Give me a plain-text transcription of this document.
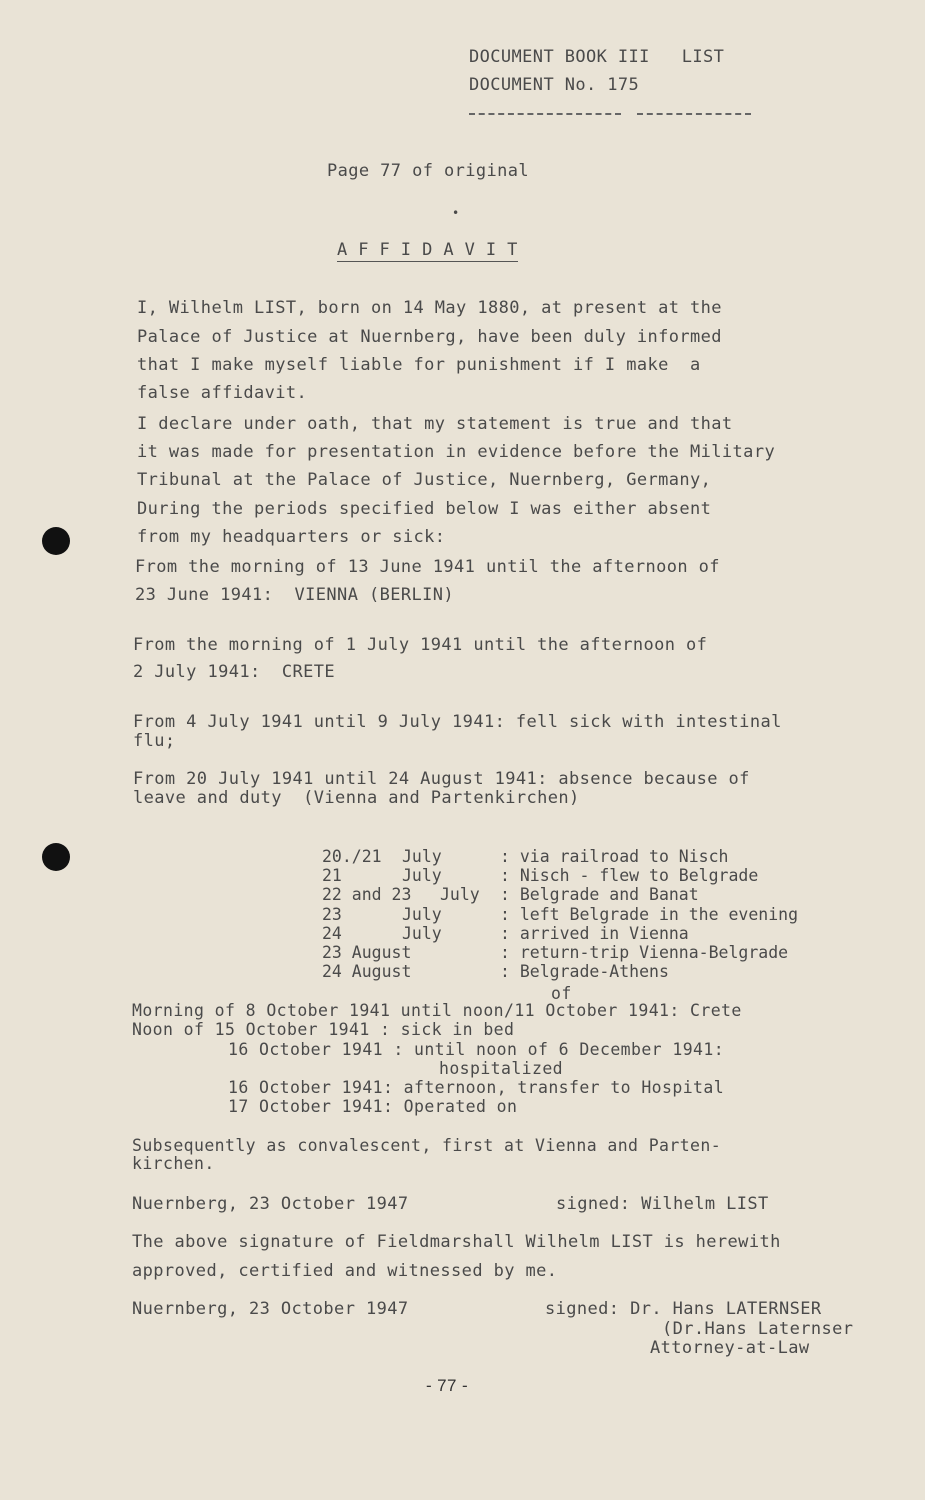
DOCUMENT BOOK III   LIST
DOCUMENT No. 175
Page 77 of original
•
A F F I D A V I T
I, Wilhelm LIST, born on 14 May 1880, at present at the
Palace of Justice at Nuernberg, have been duly informed
that I make myself liable for punishment if I make  a
false affidavit.
I declare under oath, that my statement is true and that
it was made for presentation in evidence before the Military
Tribunal at the Palace of Justice, Nuernberg, Germany,
During the periods specified below I was either absent
from my headquarters or sick:
From the morning of 13 June 1941 until the afternoon of
23 June 1941:  VIENNA (BERLIN)
From the morning of 1 July 1941 until the afternoon of
2 July 1941:  CRETE
From 4 July 1941 until 9 July 1941: fell sick with intestinal
flu;
From 20 July 1941 until 24 August 1941: absence because of
leave and duty  (Vienna and Partenkirchen)
20./21 July	: via railroad to Nisch
21	July	: Nisch - flew to Belgrade
22 and 23 July : Belgrade and Banat
23	July	: left Belgrade in the evening
24	July	: arrived in Vienna
23 August	: return-trip Vienna-Belgrade
24 August	: Belgrade-Athens
of
Morning of 8 October 1941 until noon/11 October 1941: Crete
Noon of 15 October 1941 : sick in bed
16 October 1941 : until noon of 6 December 1941:
hospitalized
16 October 1941: afternoon, transfer to Hospital
17 October 1941: Operated on
Subsequently as convalescent, first at Vienna and Parten-
kirchen.
Nuernberg, 23 October 1947	signed: Wilhelm LIST
The above signature of Fieldmarshall Wilhelm LIST is herewith
approved, certified and witnessed by me.
Nuernberg, 23 October 1947	signed: Dr. Hans LATERNSER
(Dr.Hans Laternser
Attorney-at-Law
- 77 -
